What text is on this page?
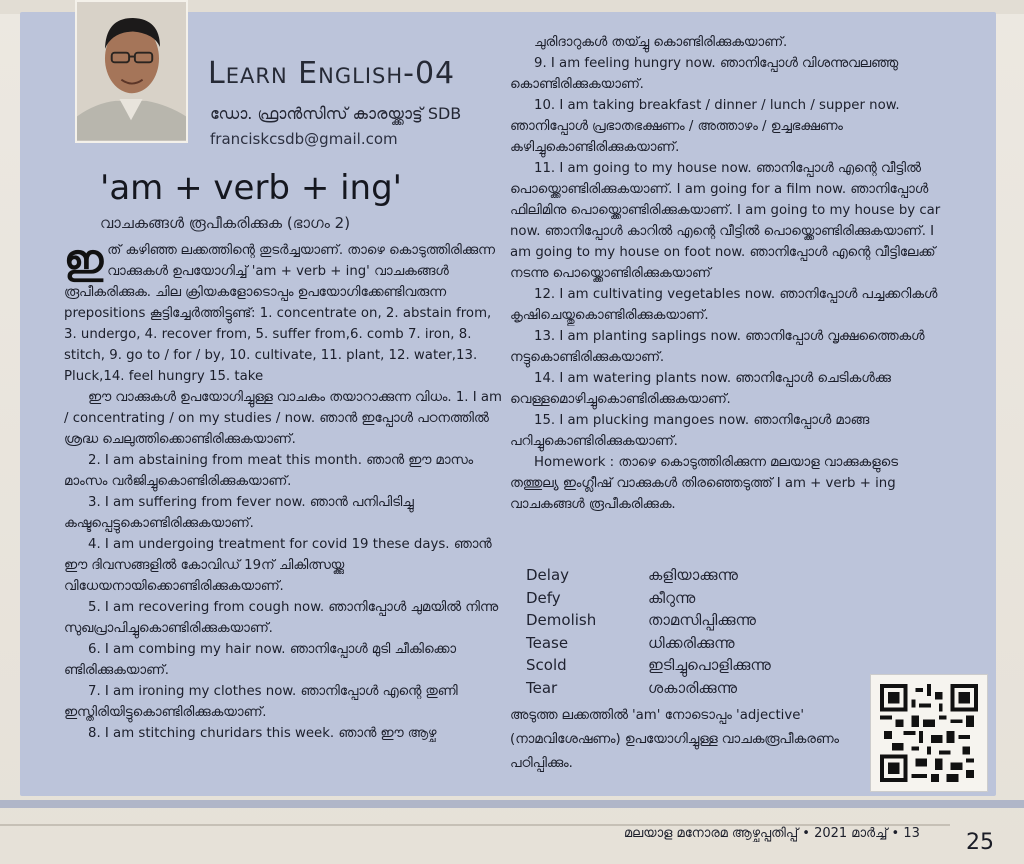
Learn English-04
ഡോ. ഫ്രാൻസിസ് കാരയ്ക്കാട്ട് SDB
franciskcsdb@gmail.com
'am + verb + ing'
വാചകങ്ങൾ രൂപീകരിക്കുക (ഭാഗം 2)

ഇത് കഴിഞ്ഞ ലക്കത്തിന്റെ തുടർച്ചയാണ്. താഴെ കൊടുത്തിരിക്കുന്ന വാക്കുകൾ ഉപയോഗിച്ച് 'am + verb + ing' വാചകങ്ങൾ രൂപീകരിക്കുക. ചില ക്രിയകളോടൊപ്പം ഉപയോഗിക്കേണ്ടിവരുന്ന prepositions കൂട്ടിച്ചേർത്തിട്ടുണ്ട്: 1. concentrate on, 2. abstain from, 3. undergo, 4. recover from, 5. suffer from,6. comb 7. iron, 8. stitch, 9. go to / for / by, 10. cultivate, 11. plant, 12. water,13. Pluck,14. feel hungry 15. take

ഈ വാക്കുകൾ ഉപയോഗിച്ചുള്ള വാചകം തയാറാക്കുന്ന വിധം. 1. I am / concentrating / on my studies / now. ഞാൻ ഇപ്പോൾ പഠനത്തിൽ ശ്രദ്ധ ചെലുത്തിക്കൊണ്ടിരിക്കുകയാണ്.

2. I am abstaining from meat this month. ഞാൻ ഈ മാസം മാംസം വർജിച്ചുകൊണ്ടിരിക്കുകയാണ്.

3. I am suffering from fever now. ഞാൻ പനിപിടിച്ചു കഷ്ടപ്പെട്ടുകൊണ്ടിരിക്കുകയാണ്.

4. I am undergoing treatment for covid 19 these days. ഞാൻ ഈ ദിവസങ്ങളിൽ കോവിഡ് 19ന് ചികിത്സയ്ക്കു വിധേയനായിക്കൊണ്ടിരിക്കുകയാണ്.

5. I am recovering from cough now. ഞാനിപ്പോൾ ചുമയിൽ നിന്നു സുഖപ്രാപിച്ചുകൊണ്ടിരിക്കുകയാണ്.

6. I am combing my hair now. ഞാനിപ്പോൾ മുടി ചീകിക്കൊ ണ്ടിരിക്കുകയാണ്.

7. I am ironing my clothes now. ഞാനിപ്പോൾ എന്റെ തുണി ഇസ്തിരിയിട്ടുകൊണ്ടിരിക്കുകയാണ്.

8. I am stitching churidars this week. ഞാൻ ഈ ആഴ്ച

ചുരിദാറുകൾ തയ്ച്ചു കൊണ്ടിരിക്കുകയാണ്.

9. I am feeling hungry now. ഞാനിപ്പോൾ വിശന്നുവലഞ്ഞു കൊണ്ടിരിക്കുകയാണ്.

10. I am taking breakfast / dinner / lunch / supper now. ഞാനിപ്പോൾ പ്രഭാതഭക്ഷണം / അത്താഴം / ഉച്ചഭക്ഷണം കഴിച്ചുകൊണ്ടിരിക്കുകയാണ്.

11. I am going to my house now. ഞാനിപ്പോൾ എന്റെ വീട്ടിൽ പൊയ്ക്കൊണ്ടിരിക്കുകയാണ്. I am going for a film now. ഞാനിപ്പോൾ ഫിലിമിനു പൊയ്ക്കൊണ്ടിരിക്കുകയാണ്. I am going to my house by car now. ഞാനിപ്പോൾ കാറിൽ എന്റെ വീട്ടിൽ പൊയ്ക്കൊണ്ടിരിക്കുകയാണ്. I am going to my house on foot now. ഞാനിപ്പോൾ എന്റെ വീട്ടിലേക്ക് നടന്നു പൊയ്ക്കൊണ്ടിരിക്കുകയാണ്

12. I am cultivating vegetables now. ഞാനിപ്പോൾ പച്ചക്കറികൾ കൃഷിചെയ്തുകൊണ്ടിരിക്കുകയാണ്.

13. I am planting saplings now. ഞാനിപ്പോൾ വൃക്ഷത്തൈകൾ നട്ടുകൊണ്ടിരിക്കുകയാണ്.

14. I am watering plants now. ഞാനിപ്പോൾ ചെടികൾക്കു വെള്ളമൊഴിച്ചുകൊണ്ടിരിക്കുകയാണ്.

15. I am plucking mangoes now. ഞാനിപ്പോൾ മാങ്ങ പറിച്ചുകൊണ്ടിരിക്കുകയാണ്.

Homework : താഴെ കൊടുത്തിരിക്കുന്ന മലയാള വാക്കുകളുടെ തത്തുല്യ ഇംഗ്ലീഷ് വാക്കുകൾ തിരഞ്ഞെടുത്ത് I am + verb + ing വാചകങ്ങൾ രൂപീകരിക്കുക.

Delay	കളിയാക്കുന്നു
Defy	കീറുന്നു
Demolish	താമസിപ്പിക്കുന്നു
Tease	ധിക്കരിക്കുന്നു
Scold	ഇടിച്ചുപൊളിക്കുന്നു
Tear	ശകാരിക്കുന്നു
അടുത്ത ലക്കത്തിൽ 'am' നോടൊപ്പം 'adjective' (നാമവിശേഷണം) ഉപയോഗിച്ചുള്ള വാചകരൂപീകരണം പഠിപ്പിക്കും.
മലയാള മനോരമ ആഴ്ചപ്പതിപ്പ് • 2021 മാർച്ച് • 13 25
